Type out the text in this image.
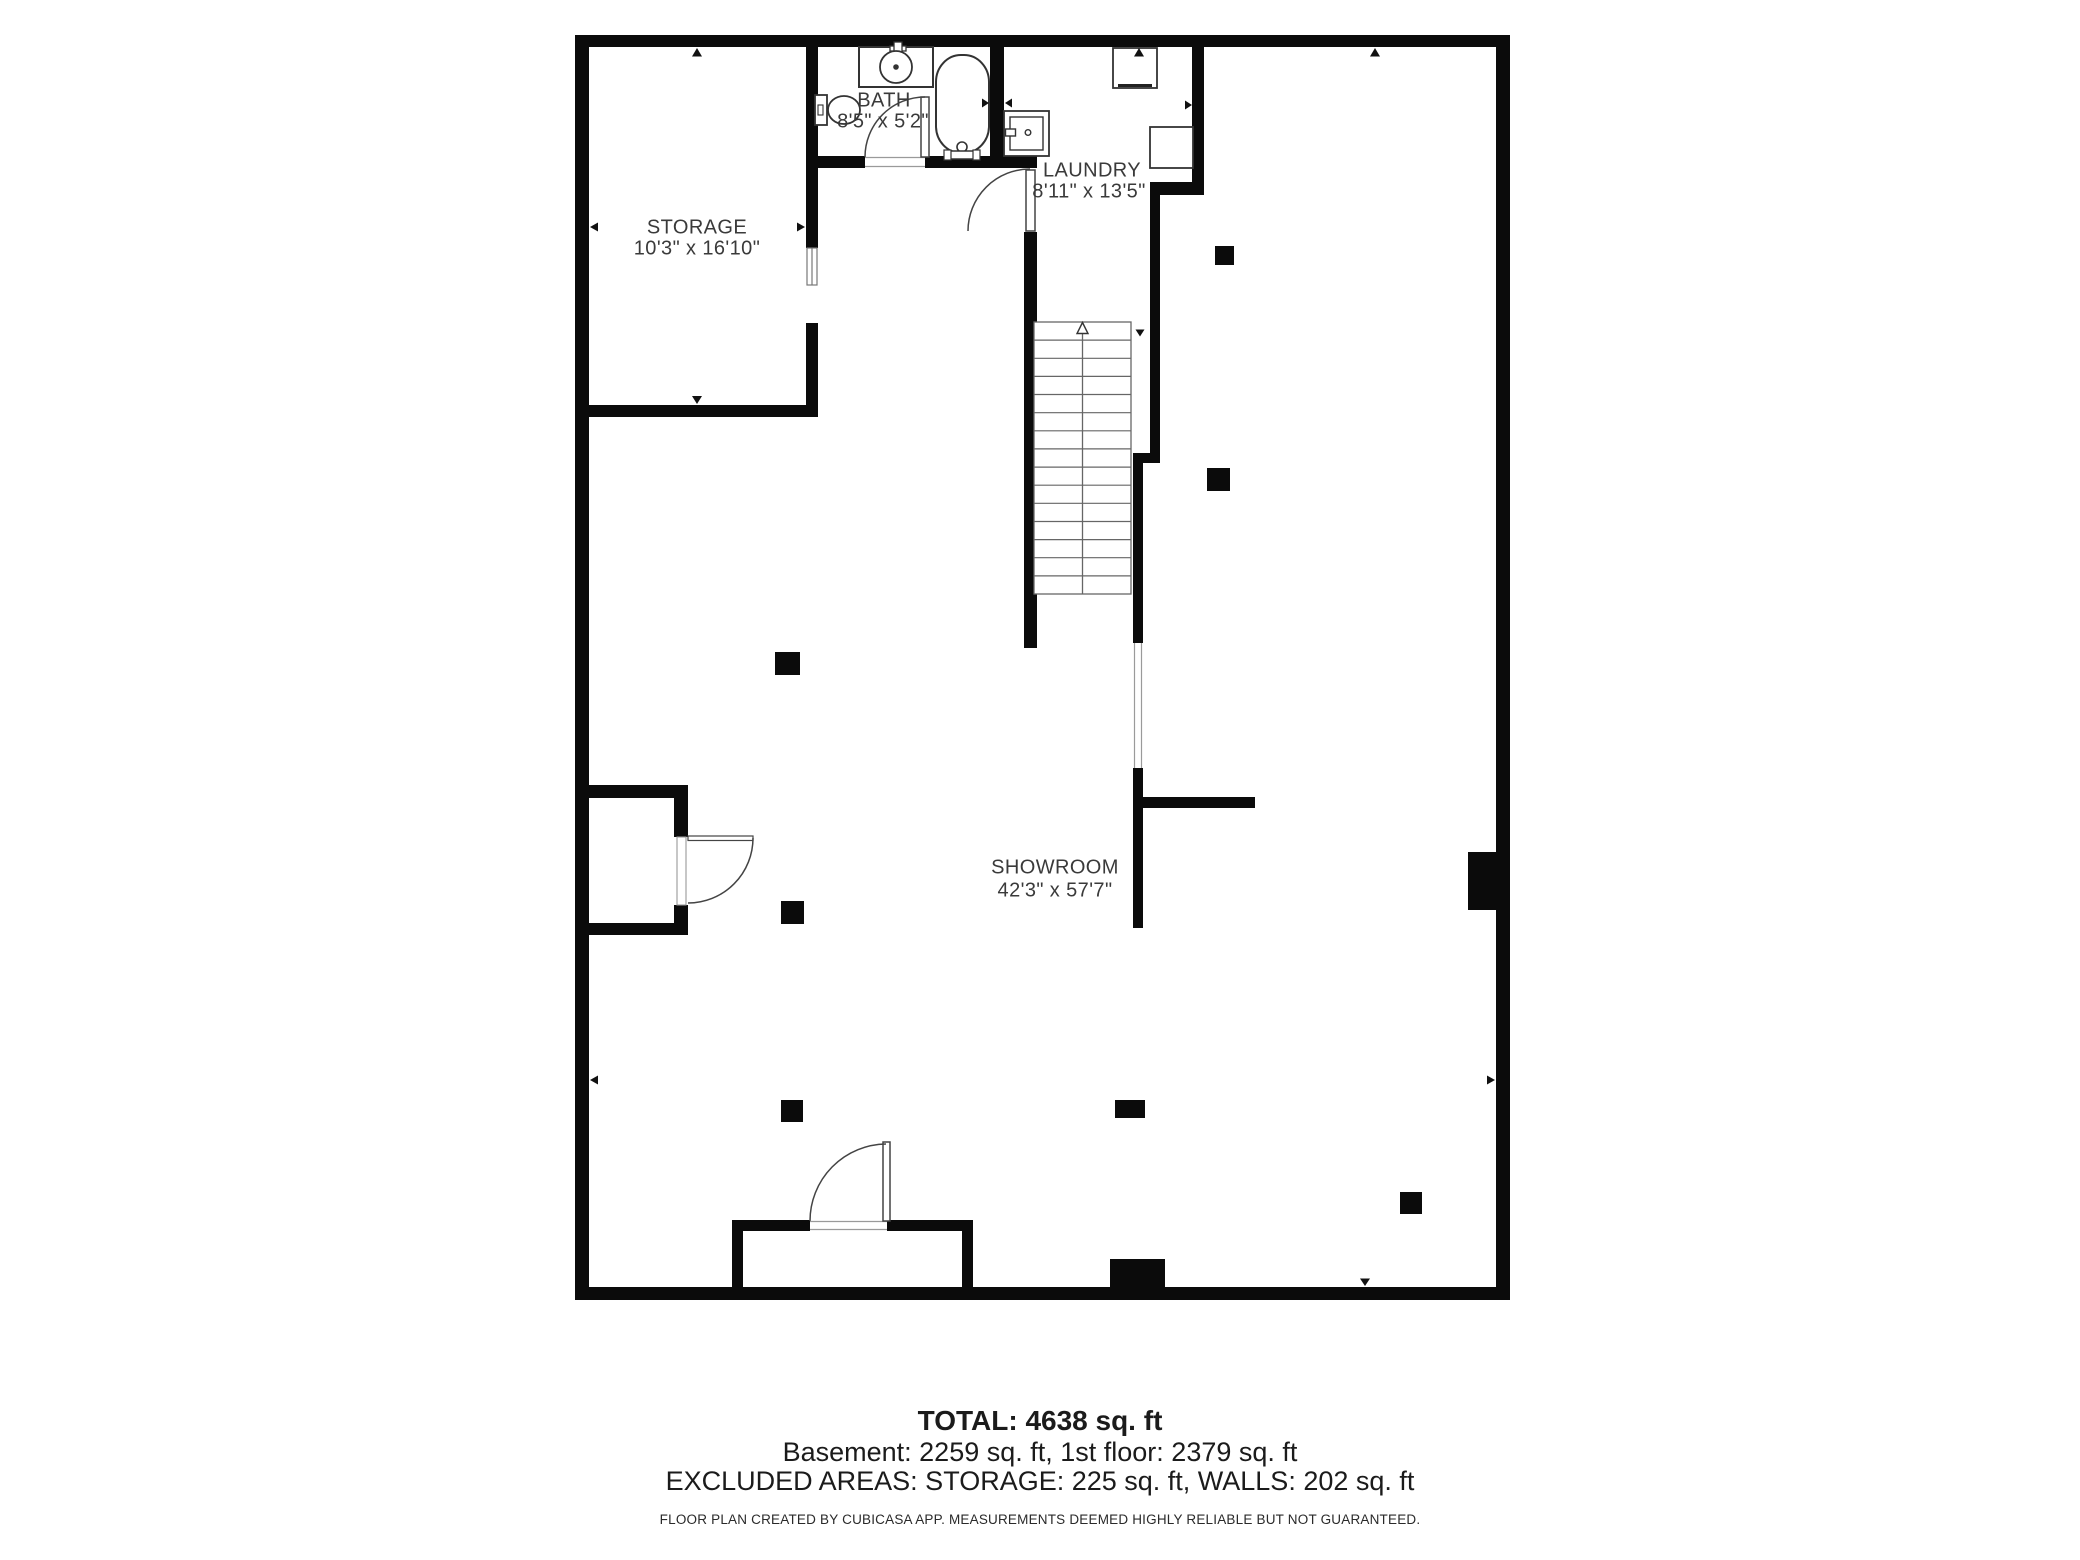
STORAGE
10'3" x 16'10"
BATH
8'5" x 5'2"
LAUNDRY
8'11" x 13'5"
SHOWROOM
42'3" x 57'7"
TOTAL: 4638 sq. ft
Basement: 2259 sq. ft, 1st floor: 2379 sq. ft
EXCLUDED AREAS: STORAGE: 225 sq. ft, WALLS: 202 sq. ft
FLOOR PLAN CREATED BY CUBICASA APP. MEASUREMENTS DEEMED HIGHLY RELIABLE BUT NOT GUARANTEED.
